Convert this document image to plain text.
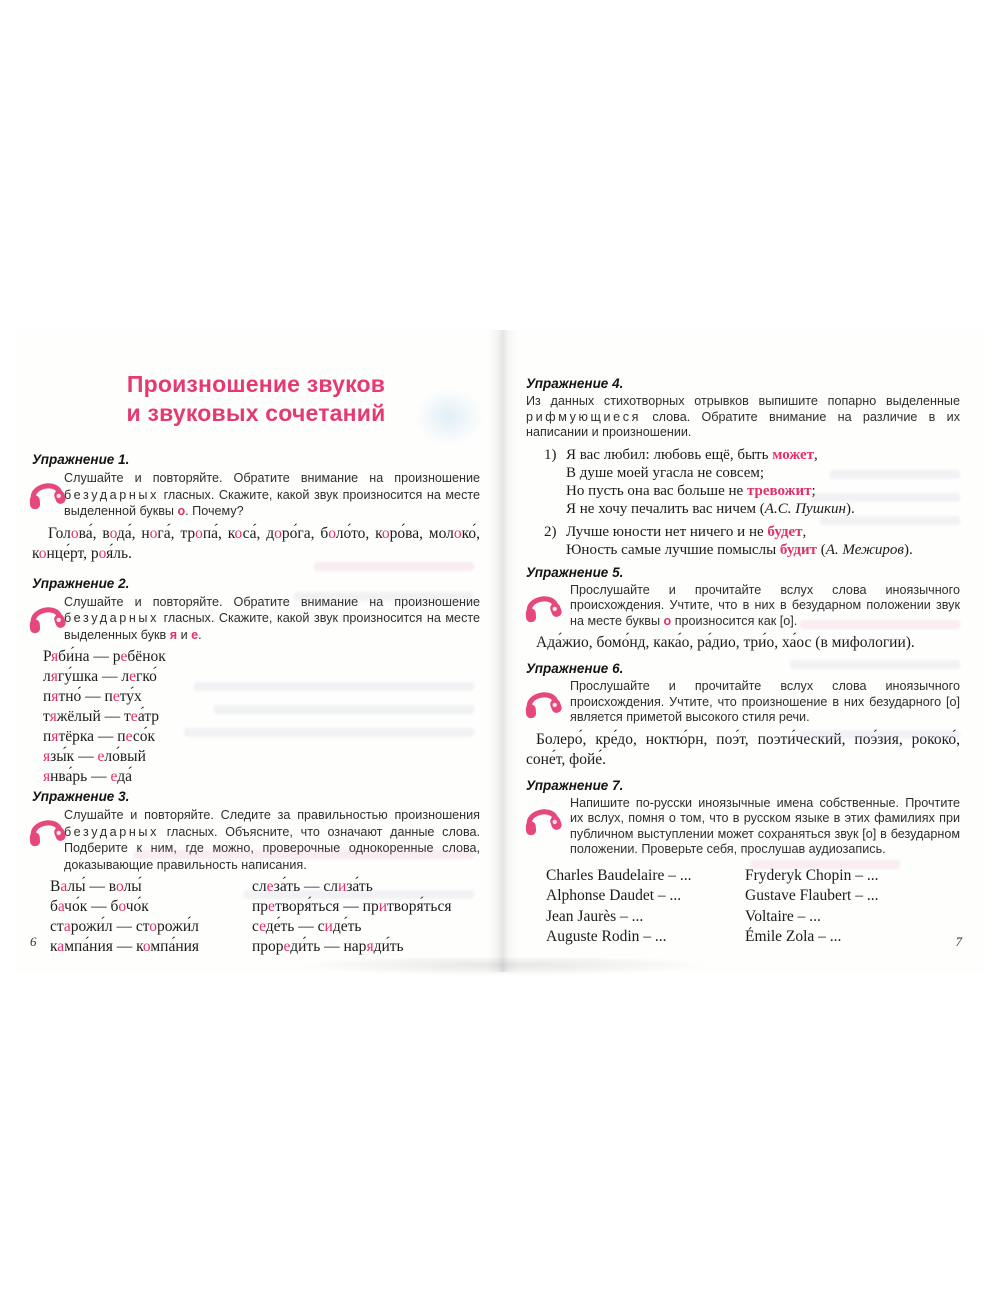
Произношение звуков
и звуковых сочетаний
Упражнение 1.

Слушайте и повторяйте. Обратите внимание на произношение безударных гласных. Скажите, какой звук произносится на месте выделенной буквы о. Почему?

Голова́, вода́, нога́, тропа́, коса́, доро́га, боло́то, коро́ва, молоко́, конце́рт, роя́ль.
Упражнение 2.

Слушайте и повторяйте. Обратите внимание на произношение безударных гласных. Скажите, какой звук произносится на месте выделенных букв я и е.

Ряби́на — ребёнок
лягу́шка — легко́
пятно́ — пету́х
тяжёлый — теа́тр
пятёрка — песо́к
язы́к — ело́вый
янва́рь — еда́
Упражнение 3.

Слушайте и повторяйте. Следите за правильностью произношения безударных гласных. Объясните, что означают данные слова. Подберите к ним, где можно, проверочные однокоренные слова, доказывающие правильность написания.

Валы́ — волы́
бачо́к — бочо́к
старожи́л — сторожи́л
кампа́ния — компа́ния
слеза́ть — слиза́ть
претворя́ться — притворя́ться
седе́ть — сиде́ть
прореди́ть — наряди́ть
6
Упражнение 4.

Из данных стихотворных отрывков выпишите попарно выделенные рифмующиеся слова. Обратите внимание на различие в их написании и произношении.

1) Я вас любил: любовь ещё, быть может,
В душе моей угасла не совсем;
Но пусть она вас больше не тревожит;
Я не хочу печалить вас ничем (А.С. Пушкин).
2) Лучше юности нет ничего и не будет,
Юность самые лучшие помыслы будит (А. Межиров).
Упражнение 5.

Прослушайте и прочитайте вслух слова иноязычного происхождения. Учтите, что в них в безударном положении звук на месте буквы о произносится как [о].

Ада́жио, бомо́нд, кака́о, ра́дио, три́о, ха́ос (в мифологии).
Упражнение 6.

Прослушайте и прочитайте вслух слова иноязычного происхождения. Учтите, что произношение в них безударного [о] является приметой высокого стиля речи.

Болеро́, кре́до, ноктю́рн, поэ́т, поэти́ческий, поэ́зия, рококо́, соне́т, фойе́.
Упражнение 7.

Напишите по-русски иноязычные имена собственные. Прочтите их вслух, помня о том, что в русском языке в этих фамилиях при публичном выступлении может сохраняться звук [о] в безударном положении. Проверьте себя, прослушав аудиозапись.

Charles Baudelaire – ...
Alphonse Daudet – ...
Jean Jaurès – ...
Auguste Rodin – ...
Fryderyk Chopin – ...
Gustave Flaubert – ...
Voltaire – ...
Émile Zola – ...	7
